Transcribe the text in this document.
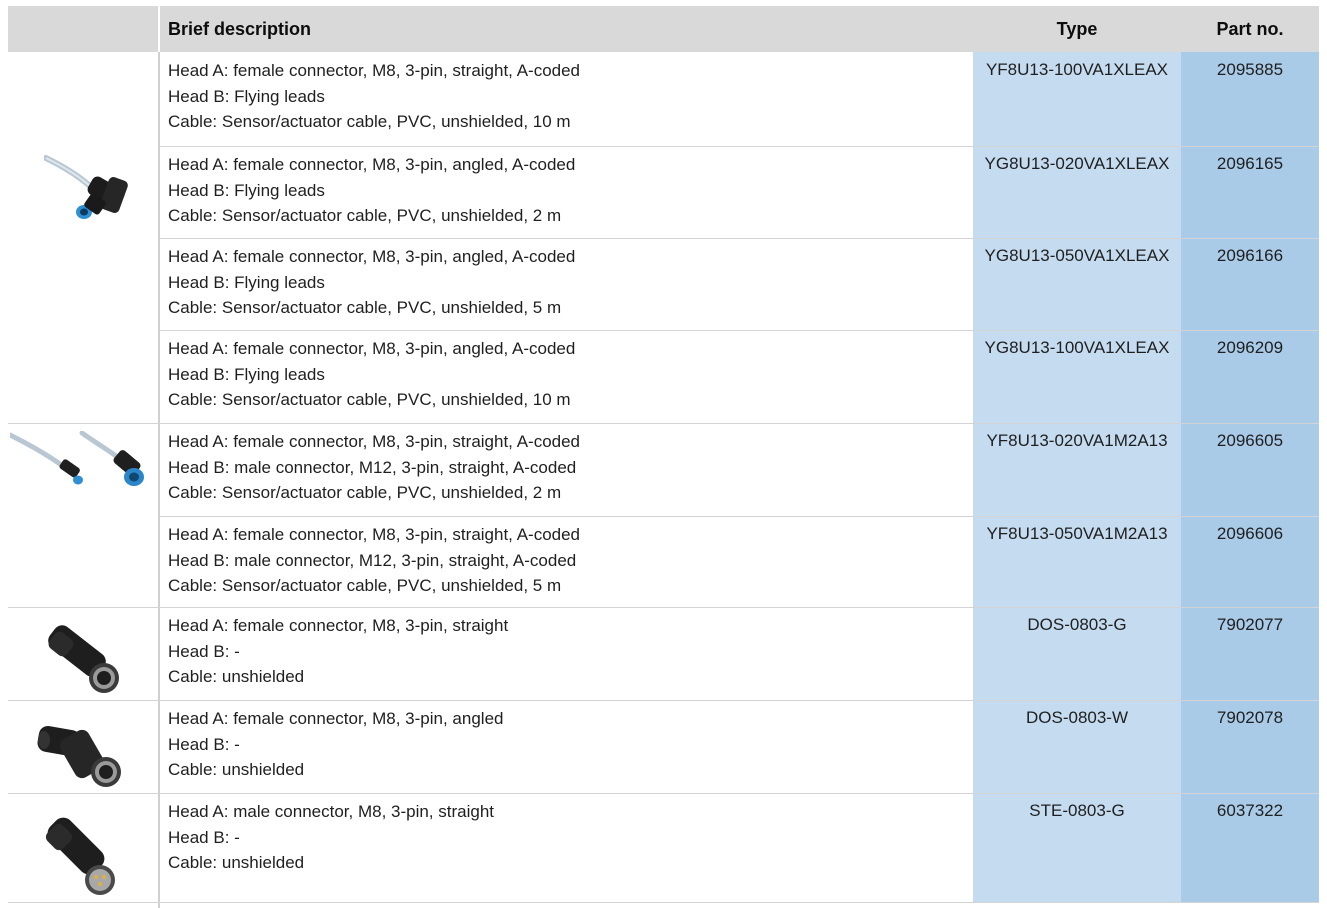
Brief description	Type	Part no.
Head A: female connector, M8, 3-pin, straight, A-coded
Head B: Flying leads
Cable: Sensor/actuator cable, PVC, unshielded, 10 m
YF8U13-100VA1XLEAX	2095885
Head A: female connector, M8, 3-pin, angled, A-coded
Head B: Flying leads
Cable: Sensor/actuator cable, PVC, unshielded, 2 m
YG8U13-020VA1XLEAX	2096165
Head A: female connector, M8, 3-pin, angled, A-coded
Head B: Flying leads
Cable: Sensor/actuator cable, PVC, unshielded, 5 m
YG8U13-050VA1XLEAX	2096166
Head A: female connector, M8, 3-pin, angled, A-coded
Head B: Flying leads
Cable: Sensor/actuator cable, PVC, unshielded, 10 m
YG8U13-100VA1XLEAX	2096209
Head A: female connector, M8, 3-pin, straight, A-coded
Head B: male connector, M12, 3-pin, straight, A-coded
Cable: Sensor/actuator cable, PVC, unshielded, 2 m
YF8U13-020VA1M2A13	2096605
Head A: female connector, M8, 3-pin, straight, A-coded
Head B: male connector, M12, 3-pin, straight, A-coded
Cable: Sensor/actuator cable, PVC, unshielded, 5 m
YF8U13-050VA1M2A13	2096606
Head A: female connector, M8, 3-pin, straight
Head B: -
Cable: unshielded
DOS-0803-G	7902077
Head A: female connector, M8, 3-pin, angled
Head B: -
Cable: unshielded
DOS-0803-W	7902078
Head A: male connector, M8, 3-pin, straight
Head B: -
Cable: unshielded
STE-0803-G	6037322
